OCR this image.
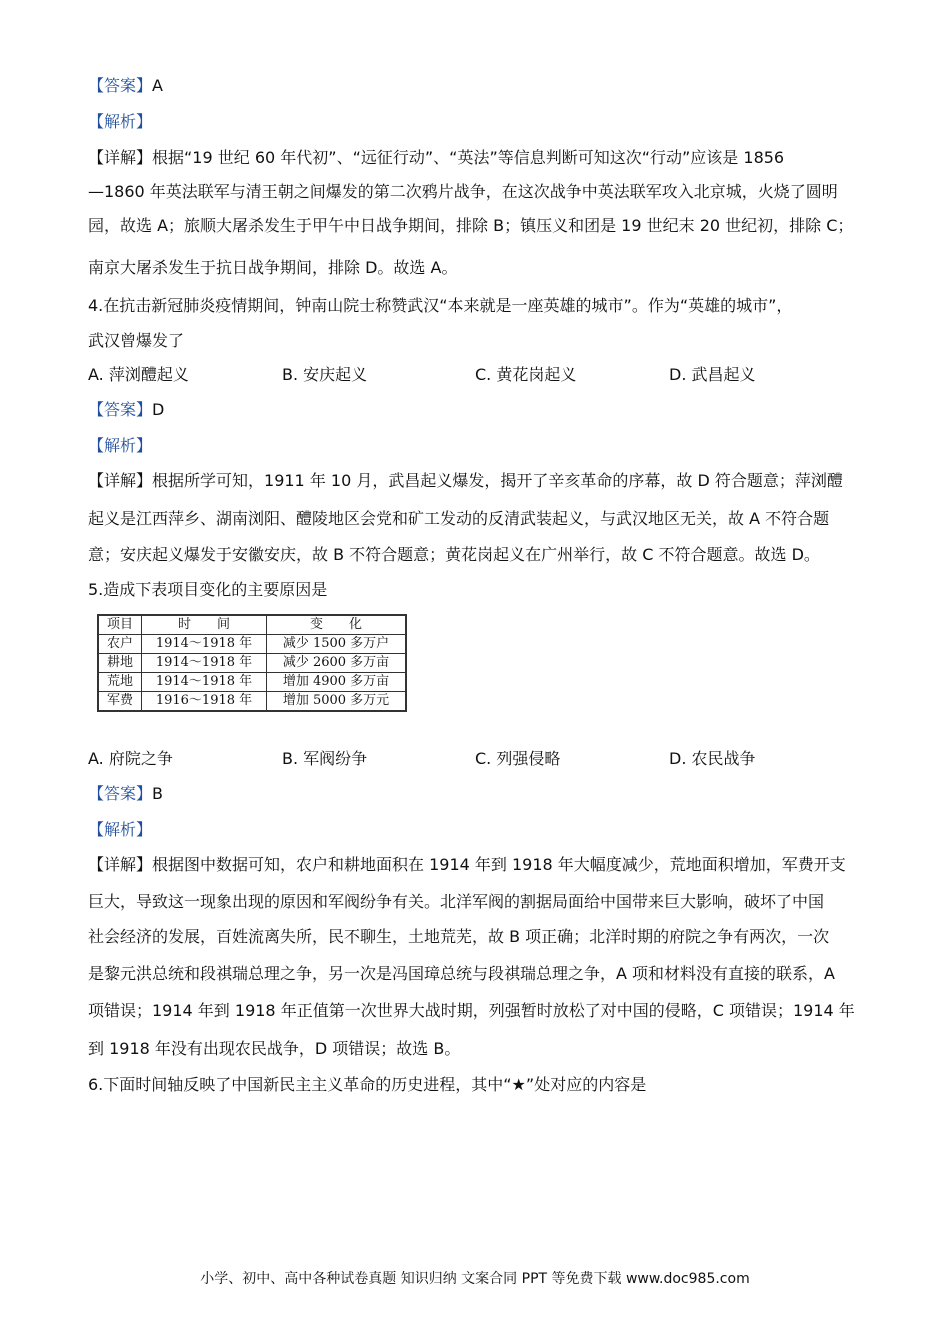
【答案】A
【解析】
【详解】根据“19 世纪 60 年代初”、“远征行动”、“英法”等信息判断可知这次“行动”应该是 1856
—1860 年英法联军与清王朝之间爆发的第二次鸦片战争，在这次战争中英法联军攻入北京城，火烧了圆明
园，故选 A；旅顺大屠杀发生于甲午中日战争期间，排除 B；镇压义和团是 19 世纪末 20 世纪初，排除 C；
南京大屠杀发生于抗日战争期间，排除 D。故选 A。
4.在抗击新冠肺炎疫情期间，钟南山院士称赞武汉“本来就是一座英雄的城市”。作为“英雄的城市”，
武汉曾爆发了
A. 萍浏醴起义	B. 安庆起义	C. 黄花岗起义	D. 武昌起义
【答案】D
【解析】
【详解】根据所学可知，1911 年 10 月，武昌起义爆发，揭开了辛亥革命的序幕，故 D 符合题意；萍浏醴
起义是江西萍乡、湖南浏阳、醴陵地区会党和矿工发动的反清武装起义，与武汉地区无关，故 A 不符合题
意；安庆起义爆发于安徽安庆，故 B 不符合题意；黄花岗起义在广州举行，故 C 不符合题意。故选 D。
5.造成下表项目变化的主要原因是
项目	时　　间	变　　化
农户	1914～1918 年	减少 1500 多万户
耕地	1914～1918 年	减少 2600 多万亩
荒地	1914～1918 年	增加 4900 多万亩
军费	1916～1918 年	增加 5000 多万元
A. 府院之争	B. 军阀纷争	C. 列强侵略	D. 农民战争
【答案】B
【解析】
【详解】根据图中数据可知，农户和耕地面积在 1914 年到 1918 年大幅度减少，荒地面积增加，军费开支
巨大，导致这一现象出现的原因和军阀纷争有关。北洋军阀的割据局面给中国带来巨大影响，破坏了中国
社会经济的发展，百姓流离失所，民不聊生，土地荒芜，故 B 项正确；北洋时期的府院之争有两次，一次
是黎元洪总统和段祺瑞总理之争，另一次是冯国璋总统与段祺瑞总理之争，A 项和材料没有直接的联系，A
项错误；1914 年到 1918 年正值第一次世界大战时期，列强暂时放松了对中国的侵略，C 项错误；1914 年
到 1918 年没有出现农民战争，D 项错误；故选 B。
6.下面时间轴反映了中国新民主主义革命的历史进程，其中“★”处对应的内容是
小学、初中、高中各种试卷真题 知识归纳 文案合同 PPT 等免费下载 www.doc985.com
